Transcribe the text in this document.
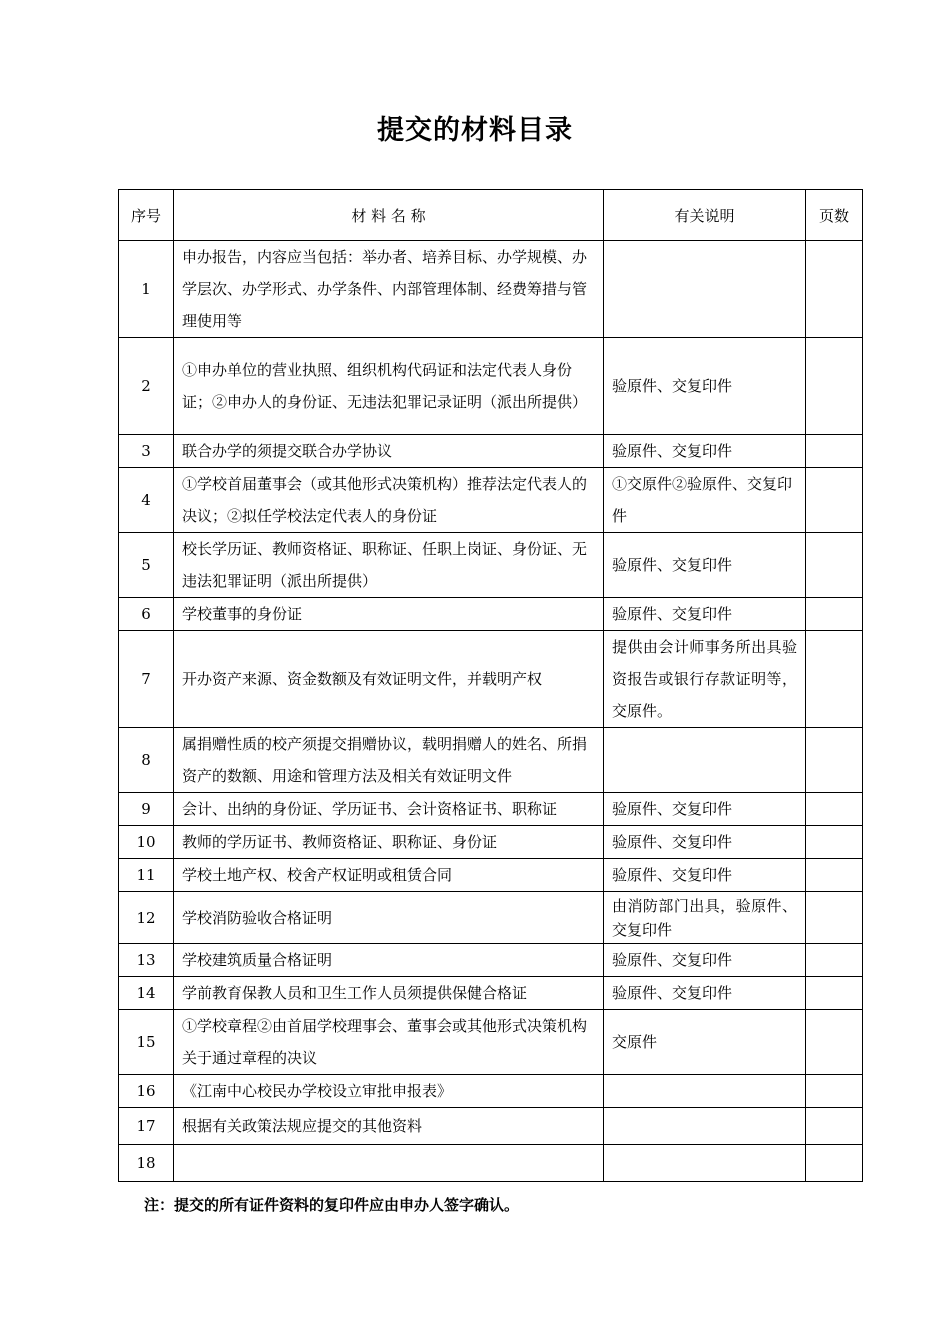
提交的材料目录
序号	材 料 名 称	有关说明	页数
1	申办报告，内容应当包括：举办者、培养目标、办学规模、办学层次、办学形式、办学条件、内部管理体制、经费筹措与管理使用等		
2	①申办单位的营业执照、组织机构代码证和法定代表人身份证；②申办人的身份证、无违法犯罪记录证明（派出所提供）	验原件、交复印件	
3	联合办学的须提交联合办学协议	验原件、交复印件	
4	①学校首届董事会（或其他形式决策机构）推荐法定代表人的决议；②拟任学校法定代表人的身份证	①交原件②验原件、交复印件	
5	校长学历证、教师资格证、职称证、任职上岗证、身份证、无违法犯罪证明（派出所提供）	验原件、交复印件	
6	学校董事的身份证	验原件、交复印件	
7	开办资产来源、资金数额及有效证明文件，并载明产权	提供由会计师事务所出具验资报告或银行存款证明等，交原件。	
8	属捐赠性质的校产须提交捐赠协议，载明捐赠人的姓名、所捐资产的数额、用途和管理方法及相关有效证明文件		
9	会计、出纳的身份证、学历证书、会计资格证书、职称证	验原件、交复印件	
10	教师的学历证书、教师资格证、职称证、身份证	验原件、交复印件	
11	学校土地产权、校舍产权证明或租赁合同	验原件、交复印件	
12	学校消防验收合格证明	由消防部门出具，验原件、交复印件	
13	学校建筑质量合格证明	验原件、交复印件	
14	学前教育保教人员和卫生工作人员须提供保健合格证	验原件、交复印件	
15	①学校章程②由首届学校理事会、董事会或其他形式决策机构关于通过章程的决议	交原件	
16	《江南中心校民办学校设立审批申报表》		
17	根据有关政策法规应提交的其他资料		
18			
注：提交的所有证件资料的复印件应由申办人签字确认。
